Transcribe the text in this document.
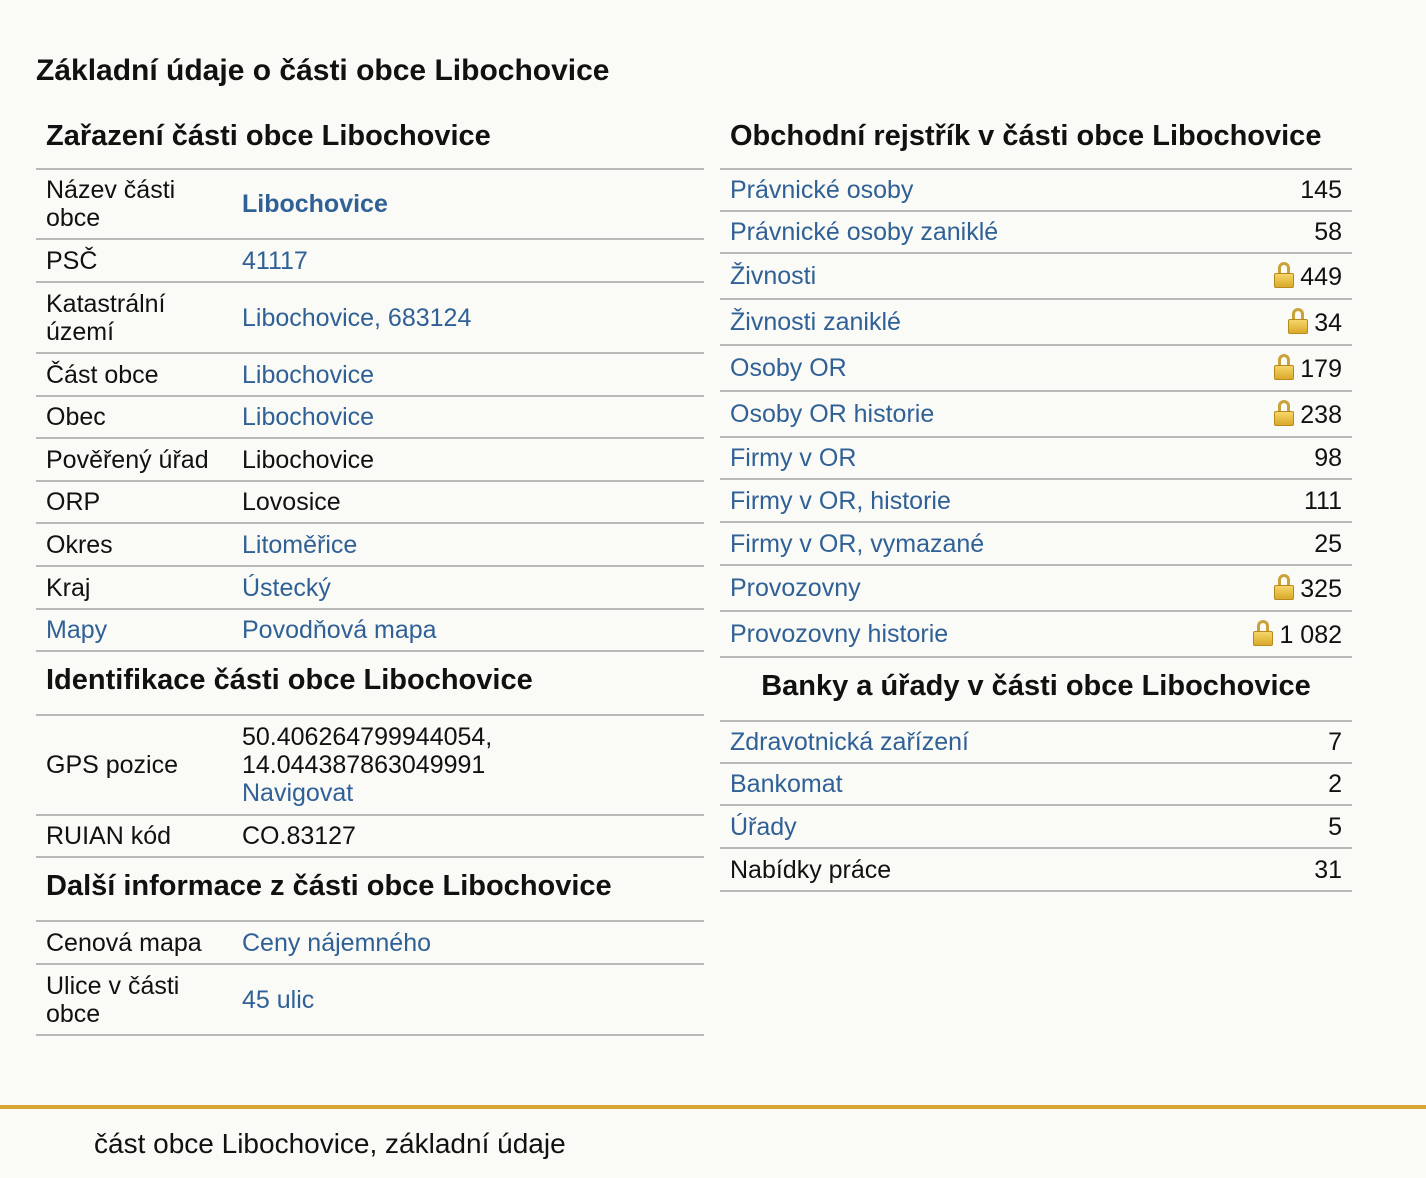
Základní údaje o části obce Libochovice
Zařazení části obce Libochovice
Název části obce	Libochovice
PSČ	41117
Katastrální území	Libochovice, 683124
Část obce	Libochovice
Obec	Libochovice
Pověřený úřad	Libochovice
ORP	Lovosice
Okres	Litoměřice
Kraj	Ústecký
Mapy	Povodňová mapa
Identifikace části obce Libochovice
GPS pozice	50.406264799944054,
14.044387863049991
Navigovat
RUIAN kód	CO.83127
Další informace z části obce Libochovice
Cenová mapa	Ceny nájemného
Ulice v části obce	45 ulic
Obchodní rejstřík v části obce Libochovice
Právnické osoby	145
Právnické osoby zaniklé	58
Živnosti	449
Živnosti zaniklé	34
Osoby OR	179
Osoby OR historie	238
Firmy v OR	98
Firmy v OR, historie	111
Firmy v OR, vymazané	25
Provozovny	325
Provozovny historie	1 082
Banky a úřady v části obce Libochovice
Zdravotnická zařízení	7
Bankomat	2
Úřady	5
Nabídky práce	31
část obce Libochovice, základní údaje
